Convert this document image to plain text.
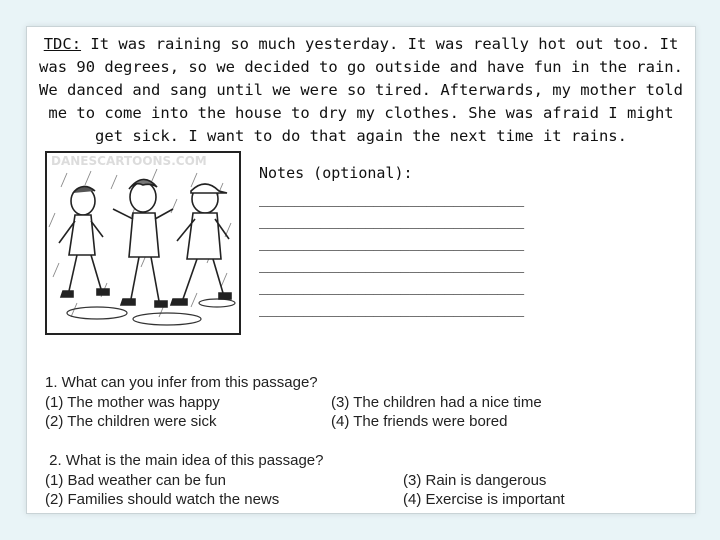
TDC: It was raining so much yesterday. It was really hot out too. It was 90 degrees, so we decided to go outside and have fun in the rain. We danced and sang until we were so tired. Afterwards, my mother told me to come into the house to dry my clothes. She was afraid I might get sick. I want to do that again the next time it rains.

DANESCARTOONS.COM
Notes (optional):
______________________________
______________________________
______________________________
______________________________
______________________________
______________________________
1. What can you infer from this passage?
(1) The mother was happy	(3) The children had a nice time
(2) The children were sick	(4) The friends were bored
2. What is the main idea of this passage?
(1) Bad weather can be fun	(3) Rain is dangerous
(2) Families should watch the news	(4) Exercise is important
